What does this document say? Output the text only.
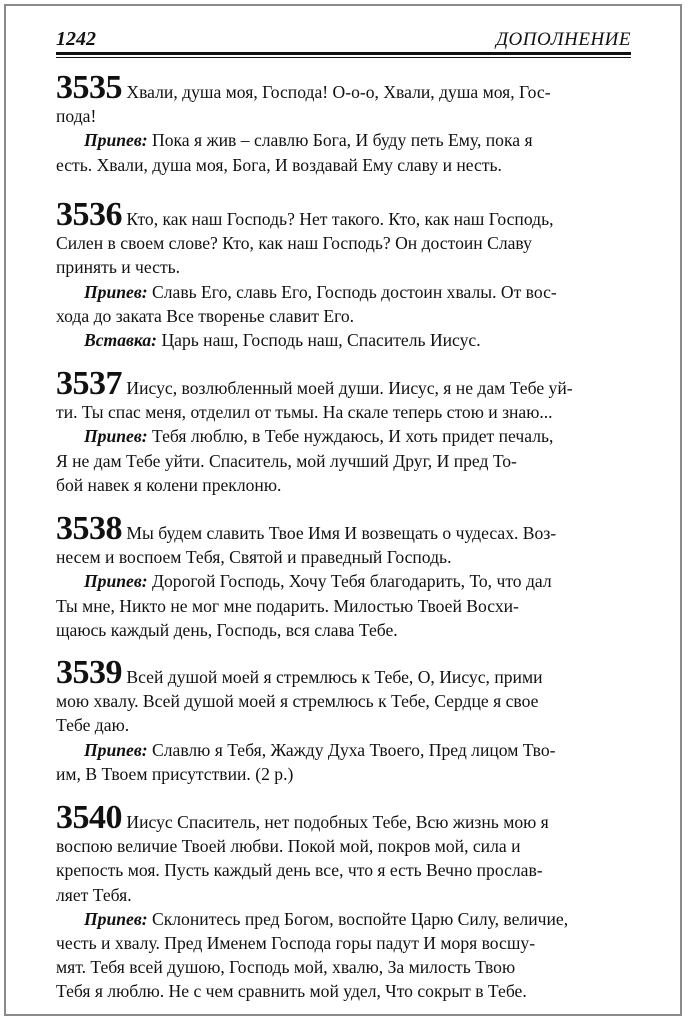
1242	ДОПОЛНЕНИЕ

3535 Хвали, душа моя, Господа! О-о-о, Хвали, душа моя, Гос-

пода!

Припев: Пока я жив – славлю Бога, И буду петь Ему, пока я

есть. Хвали, душа моя, Бога, И воздавай Ему славу и несть.

3536 Кто, как наш Господь? Нет такого. Кто, как наш Господь,

Силен в своем слове? Кто, как наш Господь? Он достоин Славу

принять и честь.

Припев: Славь Его, славь Его, Господь достоин хвалы. От вос-

хода до заката Все творенье славит Его.

Вставка: Царь наш, Господь наш, Спаситель Иисус.

3537 Иисус, возлюбленный моей души. Иисус, я не дам Тебе уй-

ти. Ты спас меня, отделил от тьмы. На скале теперь стою и знаю...

Припев: Тебя люблю, в Тебе нуждаюсь, И хоть придет печаль,

Я не дам Тебе уйти. Спаситель, мой лучший Друг, И пред То-

бой навек я колени преклоню.

3538 Мы будем славить Твое Имя И возвещать о чудесах. Воз-

несем и воспоем Тебя, Святой и праведный Господь.

Припев: Дорогой Господь, Хочу Тебя благодарить, То, что дал

Ты мне, Никто не мог мне подарить. Милостью Твоей Восхи-

щаюсь каждый день, Господь, вся слава Тебе.

3539 Всей душой моей я стремлюсь к Тебе, О, Иисус, прими

мою хвалу. Всей душой моей я стремлюсь к Тебе, Сердце я свое

Тебе даю.

Припев: Славлю я Тебя, Жажду Духа Твоего, Пред лицом Тво-

им, В Твоем присутствии. (2 р.)

3540 Иисус Спаситель, нет подобных Тебе, Всю жизнь мою я

воспою величие Твоей любви. Покой мой, покров мой, сила и

крепость моя. Пусть каждый день все, что я есть Вечно прослав-

ляет Тебя.

Припев: Склонитесь пред Богом, воспойте Царю Силу, величие,

честь и хвалу. Пред Именем Господа горы падут И моря восшу-

мят. Тебя всей душою, Господь мой, хвалю, За милость Твою

Тебя я люблю. Не с чем сравнить мой удел, Что сокрыт в Тебе.
